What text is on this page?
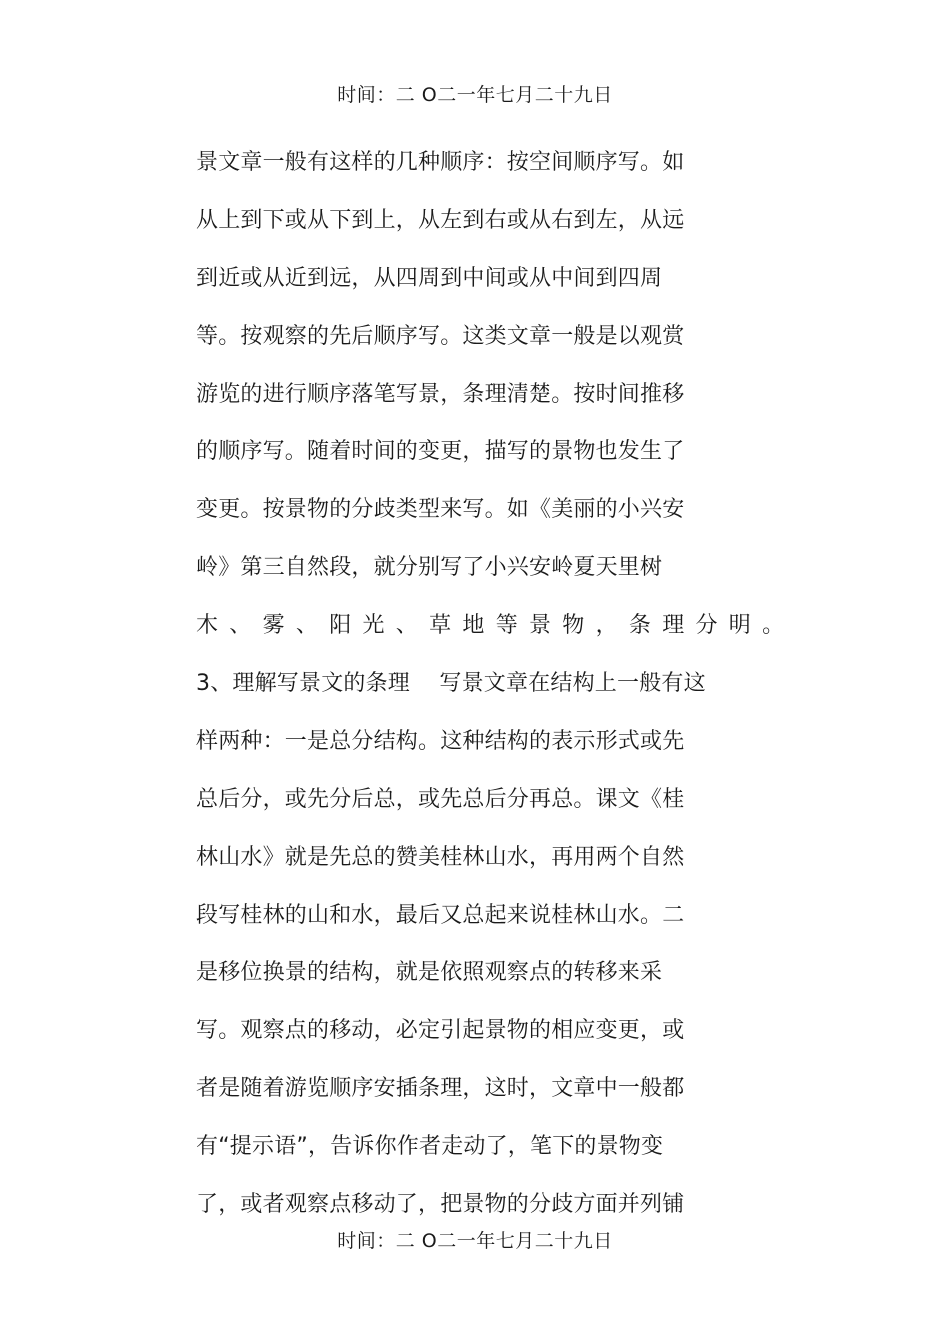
时间：二 O二一年七月二十九日
景文章一般有这样的几种顺序：按空间顺序写。如
从上到下或从下到上，从左到右或从右到左，从远
到近或从近到远，从四周到中间或从中间到四周
等。按观察的先后顺序写。这类文章一般是以观赏
游览的进行顺序落笔写景，条理清楚。按时间推移
的顺序写。随着时间的变更，描写的景物也发生了
变更。按景物的分歧类型来写。如《美丽的小兴安
岭》第三自然段，就分别写了小兴安岭夏天里树
木、雾、阳光、草地等景物，条理分明。
3、理解写景文的条理　 写景文章在结构上一般有这
样两种：一是总分结构。这种结构的表示形式或先
总后分，或先分后总，或先总后分再总。课文《桂
林山水》就是先总的赞美桂林山水，再用两个自然
段写桂林的山和水，最后又总起来说桂林山水。二
是移位换景的结构，就是依照观察点的转移来采
写。观察点的移动，必定引起景物的相应变更，或
者是随着游览顺序安插条理，这时，文章中一般都
有“提示语”，告诉你作者走动了，笔下的景物变
了，或者观察点移动了，把景物的分歧方面并列铺
时间：二 O二一年七月二十九日
